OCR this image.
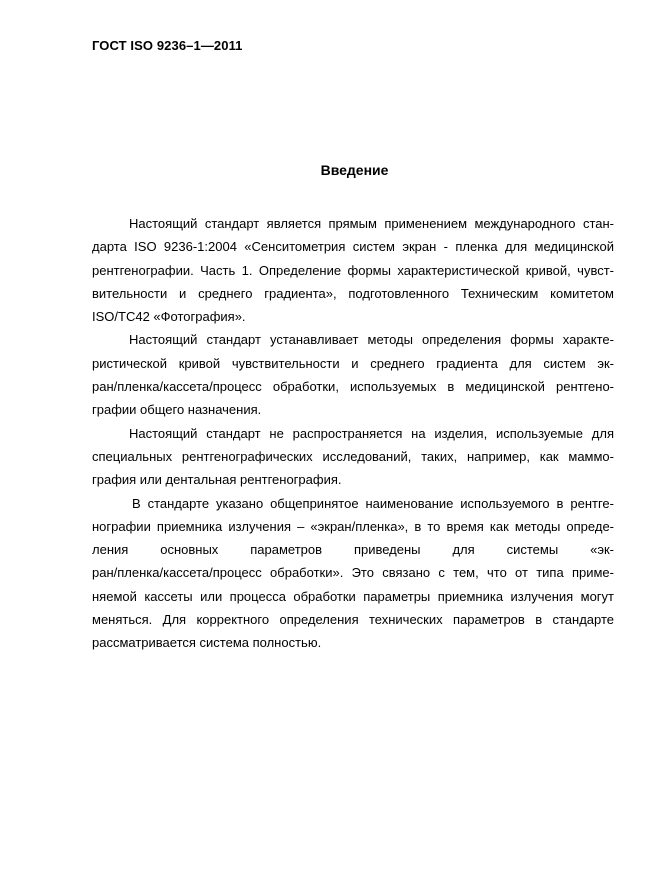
ГОСТ ISO 9236–1—2011
Введение
Настоящий стандарт является прямым применением международного стан-
дарта ISO 9236-1:2004 «Сенситометрия систем экран - пленка для медицинской
рентгенографии. Часть 1. Определение формы характеристической кривой, чувст-
вительности и среднего градиента», подготовленного Техническим комитетом
ISO/TC42 «Фотография».
Настоящий стандарт устанавливает методы определения формы характе-
ристической кривой чувствительности и среднего градиента для систем эк-
ран/пленка/кассета/процесс обработки, используемых в медицинской рентгено-
графии общего назначения.
Настоящий стандарт не распространяется на изделия, используемые для
специальных рентгенографических исследований, таких, например, как маммо-
графия или дентальная рентгенография.
В стандарте указано общепринятое наименование используемого в рентге-
нографии приемника излучения – «экран/пленка», в то время как методы опреде-
ления        основных        параметров        приведены        для        системы        «эк-
ран/пленка/кассета/процесс обработки». Это связано с тем, что от типа приме-
няемой кассеты или процесса обработки параметры приемника излучения могут
меняться. Для корректного определения технических параметров в стандарте
рассматривается система полностью.
